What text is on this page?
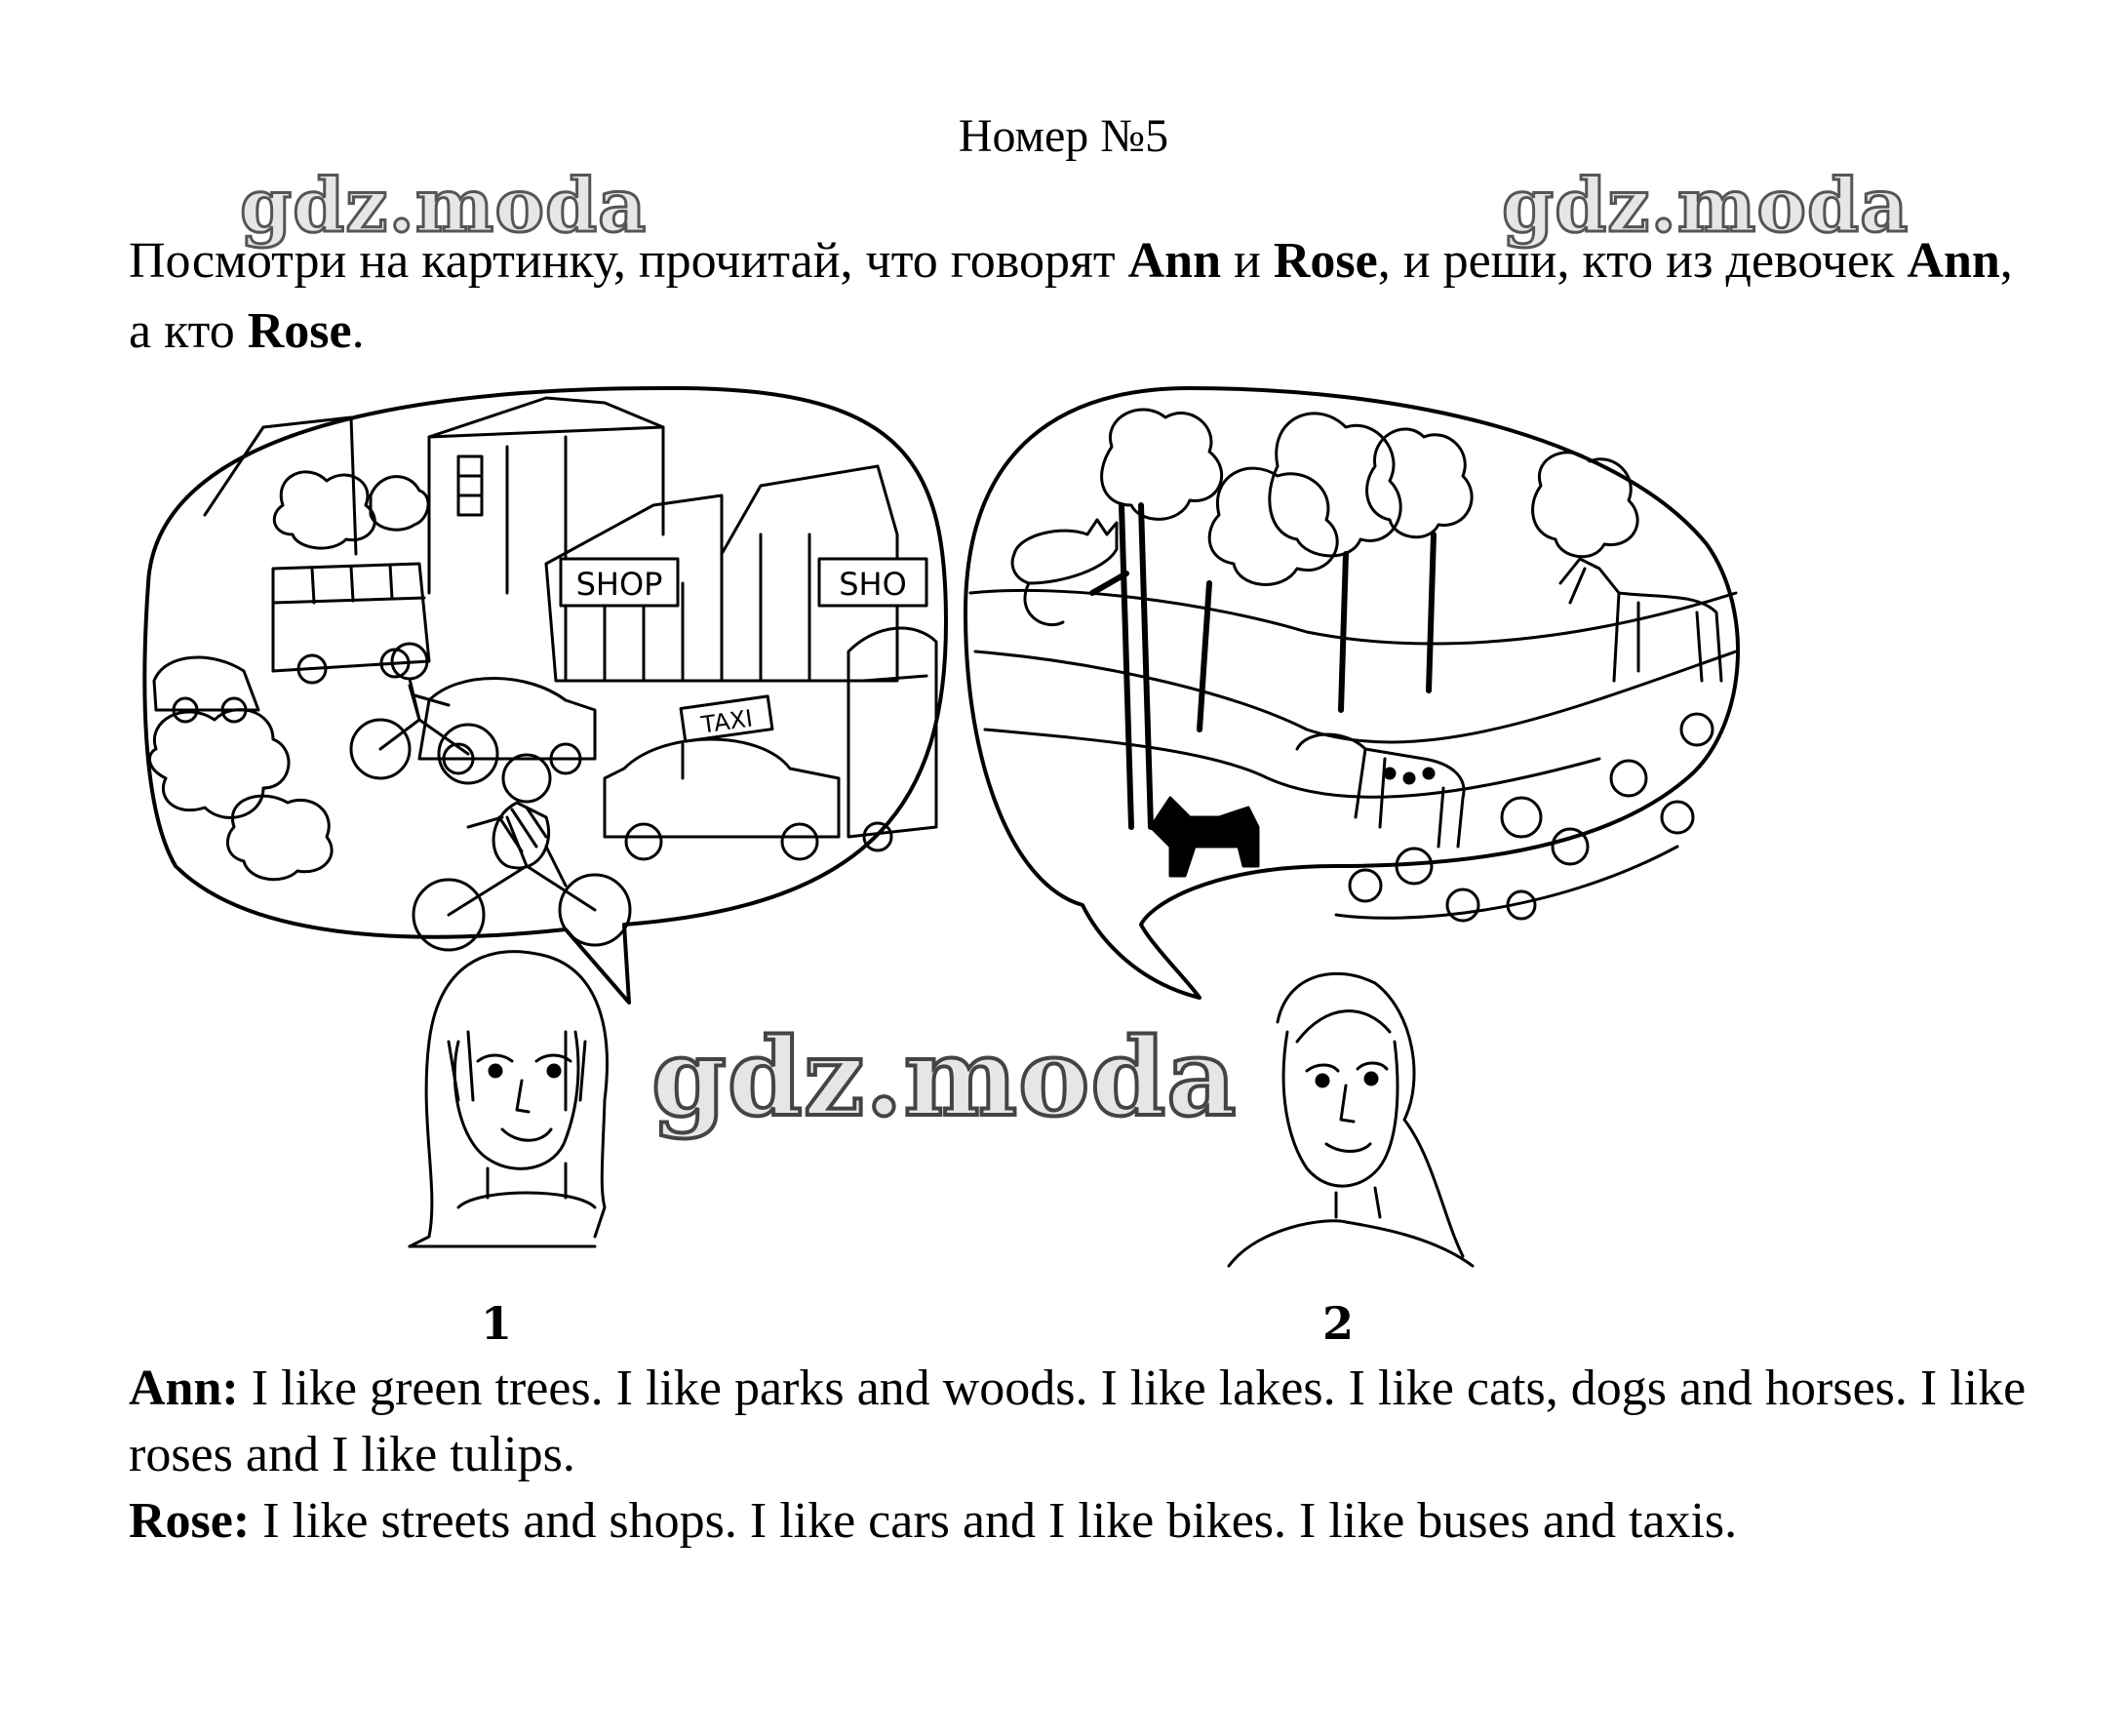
Номер №5
gdz.moda	gdz.moda
Посмотри на картинку, прочитай, что говорят Ann и Rose, и реши, кто из девочек Ann, а кто Rose.
SHOP	SHO
TAXI
gdz.moda
1	2

Ann: I like green trees. I like parks and woods. I like lakes. I like cats, dogs and horses. I like roses and I like tulips.

Rose: I like streets and shops. I like cars and I like bikes. I like buses and taxis.
